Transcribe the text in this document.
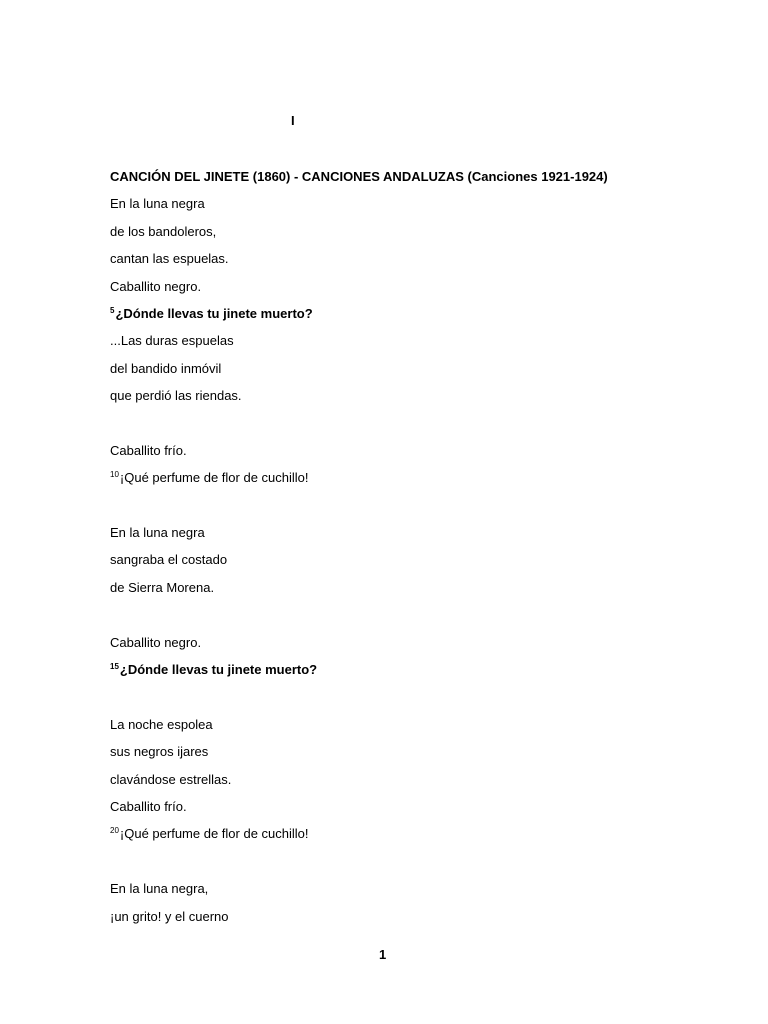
I
CANCIÓN DEL JINETE (1860) - CANCIONES ANDALUZAS (Canciones 1921-1924)
En la luna negra
de los bandoleros,
cantan las espuelas.
Caballito negro.
$^5$¿Dónde llevas tu jinete muerto?
...Las duras espuelas
del bandido inmóvil
que perdió las riendas.
Caballito frío.
$^{10}$¡Qué perfume de flor de cuchillo!
En la luna negra
sangraba el costado
de Sierra Morena.
Caballito negro.
$^{15}$¿Dónde llevas tu jinete muerto?
La noche espolea
sus negros ijares
clavándose estrellas.
Caballito frío.
$^{20}$¡Qué perfume de flor de cuchillo!
En la luna negra,
¡un grito! y el cuerno
1
